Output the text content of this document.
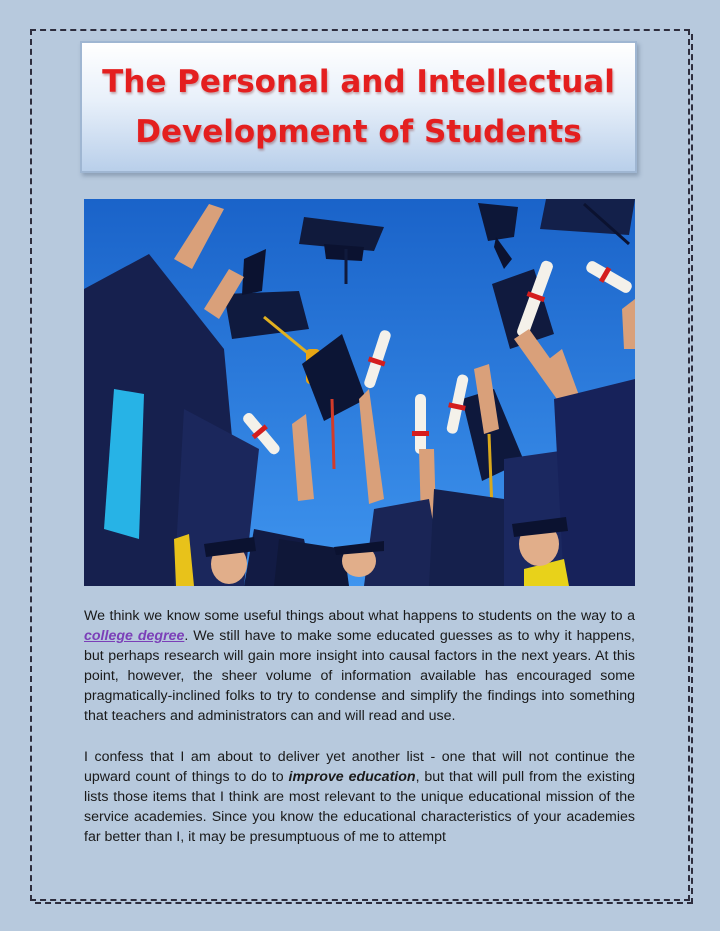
The Personal and Intellectual
Development of Students

We think we know some useful things about what happens to students on the way to a college degree. We still have to make some educated guesses as to why it happens, but perhaps research will gain more insight into causal factors in the next years. At this point, however, the sheer volume of information available has encouraged some pragmatically-inclined folks to try to condense and simplify the findings into something that teachers and administrators can and will read and use.

I confess that I am about to deliver yet another list - one that will not continue the upward count of things to do to improve education, but that will pull from the existing lists those items that I think are most relevant to the unique educational mission of the service academies. Since you know the educational characteristics of your academies far better than I, it may be presumptuous of me to attempt
